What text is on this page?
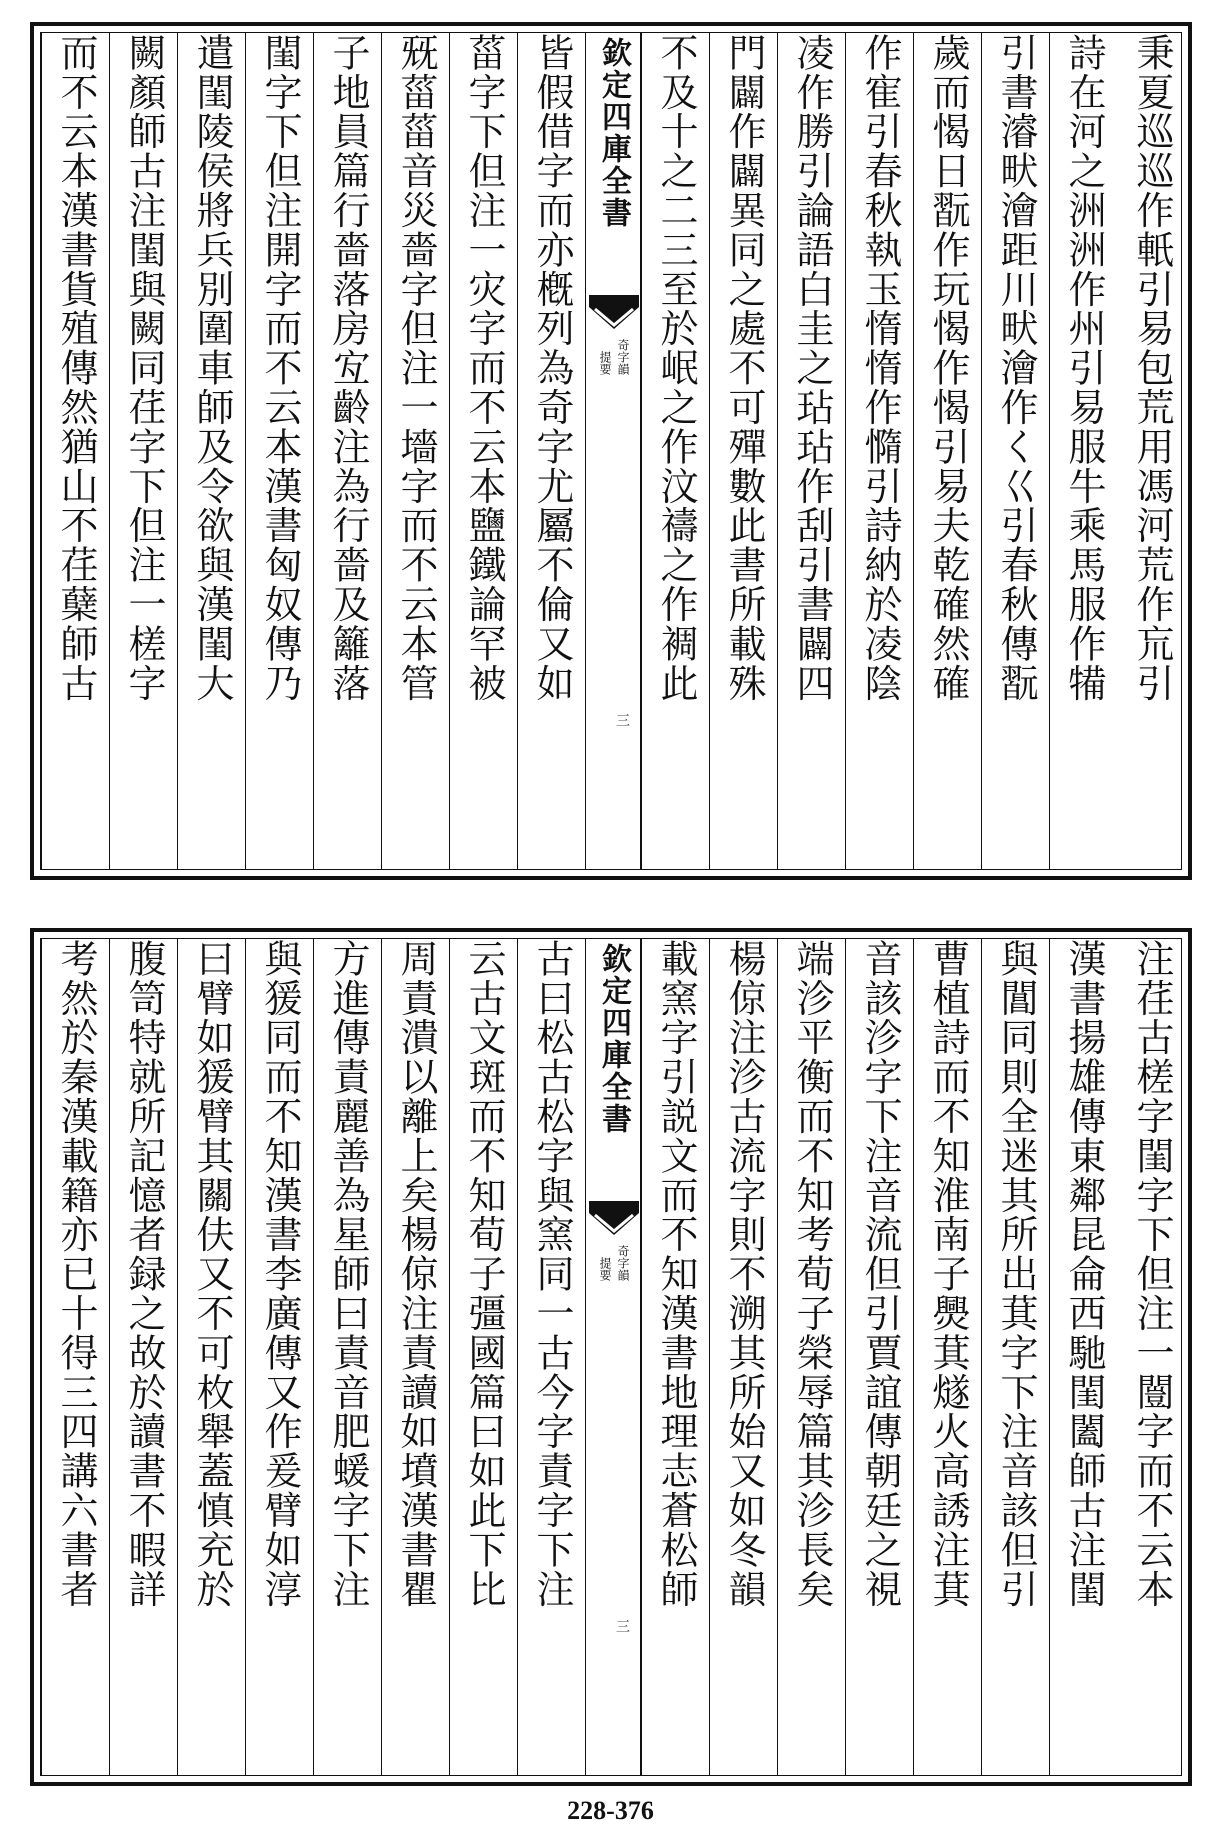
秉夏巡巡作軝引易包荒用馮河荒作巟引
詩在河之洲洲作州引易服牛乘馬服作犕
引書濬畎澮距川畎澮作く巜引春秋傳翫
歲而愒日翫作玩愒作愒引易夫乾確然確
作寉引春秋執玉惰惰作憜引詩納於凌陰
凌作勝引論語白圭之玷玷作刮引書闢四
門闢作闢異同之處不可殫數此書所載殊
不及十之二三至於岷之作汶禱之作裯此
欽定四庫全書
奇字韻
提要
三
皆假借字而亦槪列為奇字尤屬不倫又如
菑字下但注一灾字而不云本鹽鐵論罕被
兓菑菑音災嗇字但注一墻字而不云本管
子地員篇行嗇落房宐齡注為行嗇及籬落
閨字下但注開字而不云本漢書匈奴傳乃
遣閨陵侯將兵別圍車師及令欲與漢閨大
闕顏師古注閨與闕同荏字下但注一槎字
而不云本漢書貨殖傳然猶山不荏蘖師古
注荏古槎字閨字下但注一闓字而不云本
漢書揚雄傳東鄰昆侖西馳閨闔師古注閨
與閶同則全迷其所出萁字下注音該但引
曹植詩而不知淮南子爂萁燧火高誘注萁
音該沴字下注音流但引賈誼傳朝廷之視
端沴平衡而不知考荀子榮辱篇其沴長矣
楊倞注沴古流字則不溯其所始又如冬韻
載窯字引説文而不知漢書地理志蒼松師
欽定四庫全書
奇字韻
提要
三
古曰松古松字與窯同一古今字責字下注
云古文斑而不知荀子彊國篇曰如此下比
周責潰以離上矣楊倞注責讀如墳漢書瞿
方進傳責麗善為星師曰責音肥蝯字下注
與猨同而不知漢書李廣傳又作爰臂如淳
曰臂如猨臂其關伕又不可枚舉蓋慎充於
腹笥特就所記憶者録之故於讀書不暇詳
考然於秦漢載籍亦已十得三四講六書者
228-376
